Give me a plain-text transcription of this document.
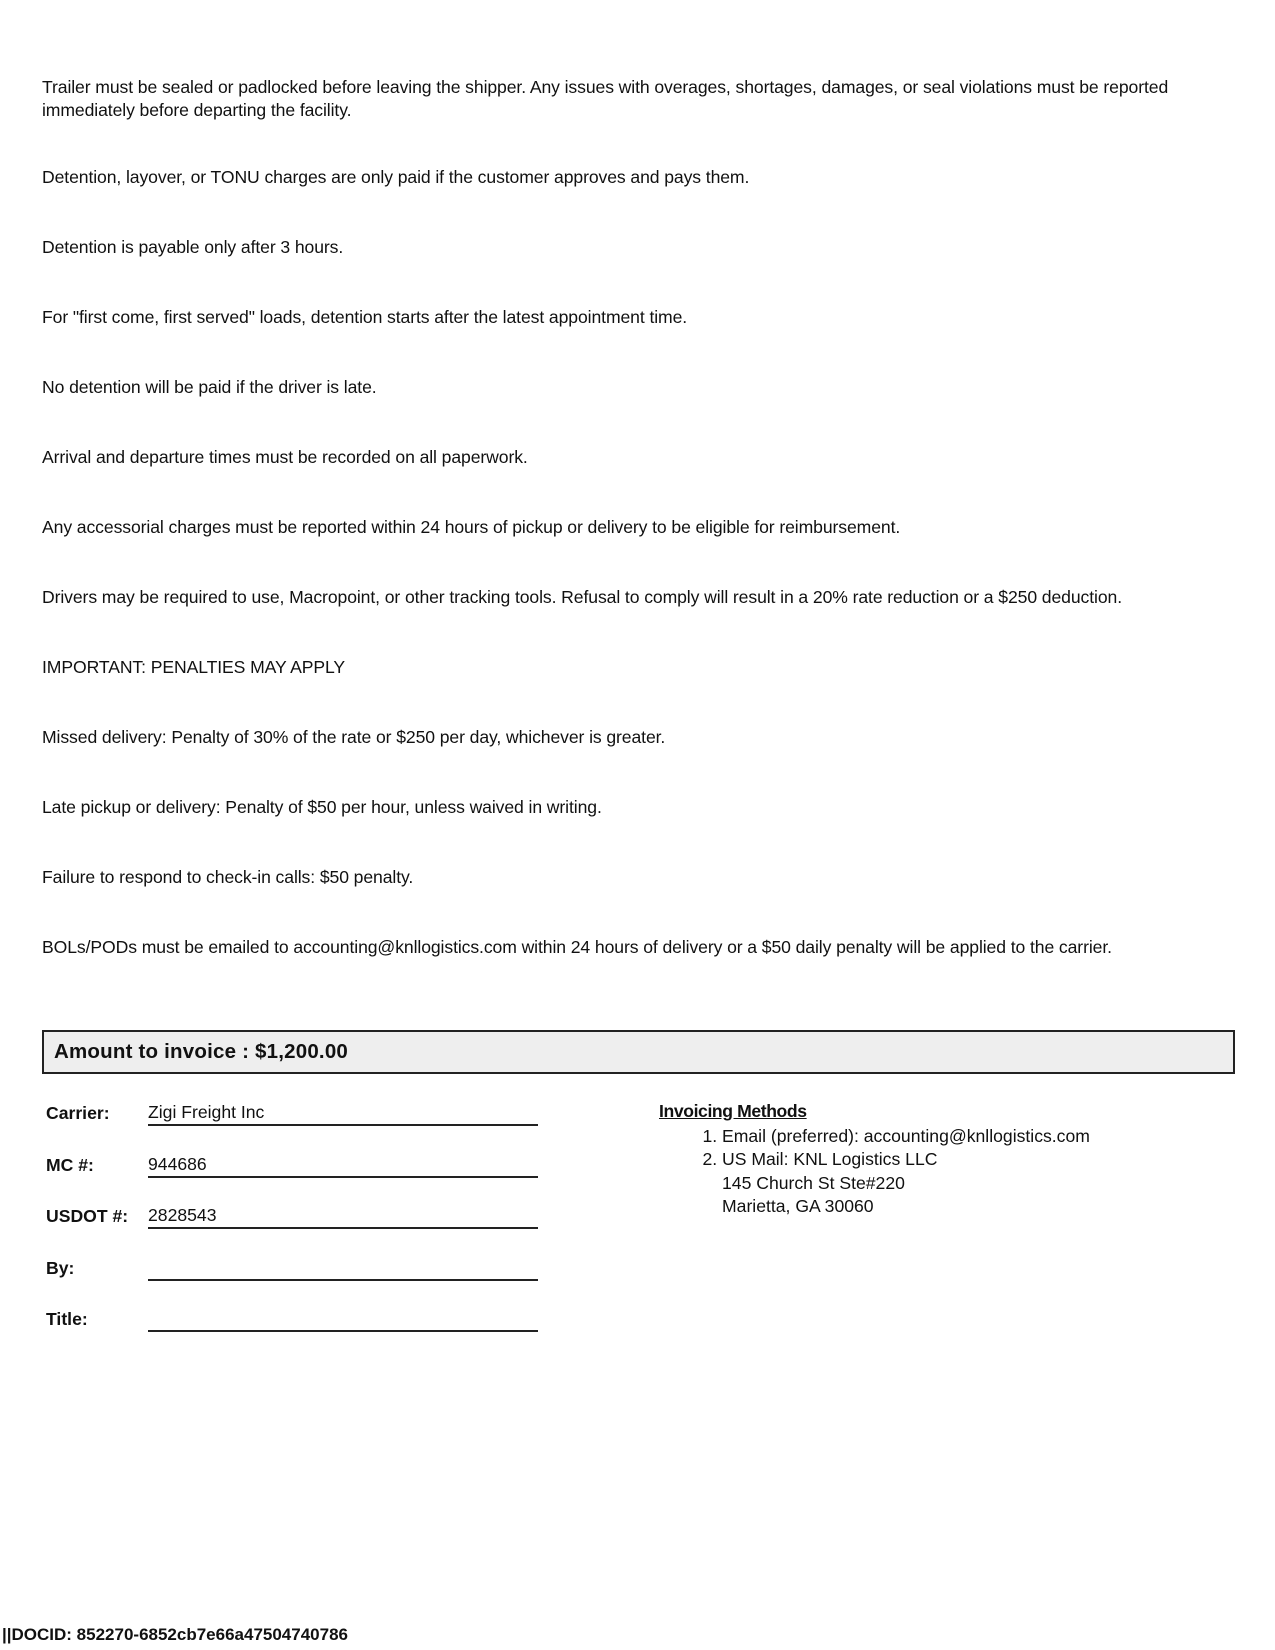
Trailer must be sealed or padlocked before leaving the shipper. Any issues with overages, shortages, damages, or seal violations must be reported immediately before departing the facility.
Detention, layover, or TONU charges are only paid if the customer approves and pays them.
Detention is payable only after 3 hours.
For "first come, first served" loads, detention starts after the latest appointment time.
No detention will be paid if the driver is late.
Arrival and departure times must be recorded on all paperwork.
Any accessorial charges must be reported within 24 hours of pickup or delivery to be eligible for reimbursement.
Drivers may be required to use, Macropoint, or other tracking tools. Refusal to comply will result in a 20% rate reduction or a $250 deduction.
IMPORTANT: PENALTIES MAY APPLY
Missed delivery: Penalty of 30% of the rate or $250 per day, whichever is greater.
Late pickup or delivery: Penalty of $50 per hour, unless waived in writing.
Failure to respond to check-in calls: $50 penalty.
BOLs/PODs must be emailed to accounting@knllogistics.com within 24 hours of delivery or a $50 daily penalty will be applied to the carrier.
Amount to invoice : $1,200.00
Carrier: Zigi Freight Inc
MC #:	944686
USDOT #: 2828543
By:
Title:
Invoicing Methods
1. Email (preferred): accounting@knllogistics.com
2. US Mail: KNL Logistics LLC
145 Church St Ste#220
Marietta, GA 30060
||DOCID: 852270-6852cb7e66a47504740786
